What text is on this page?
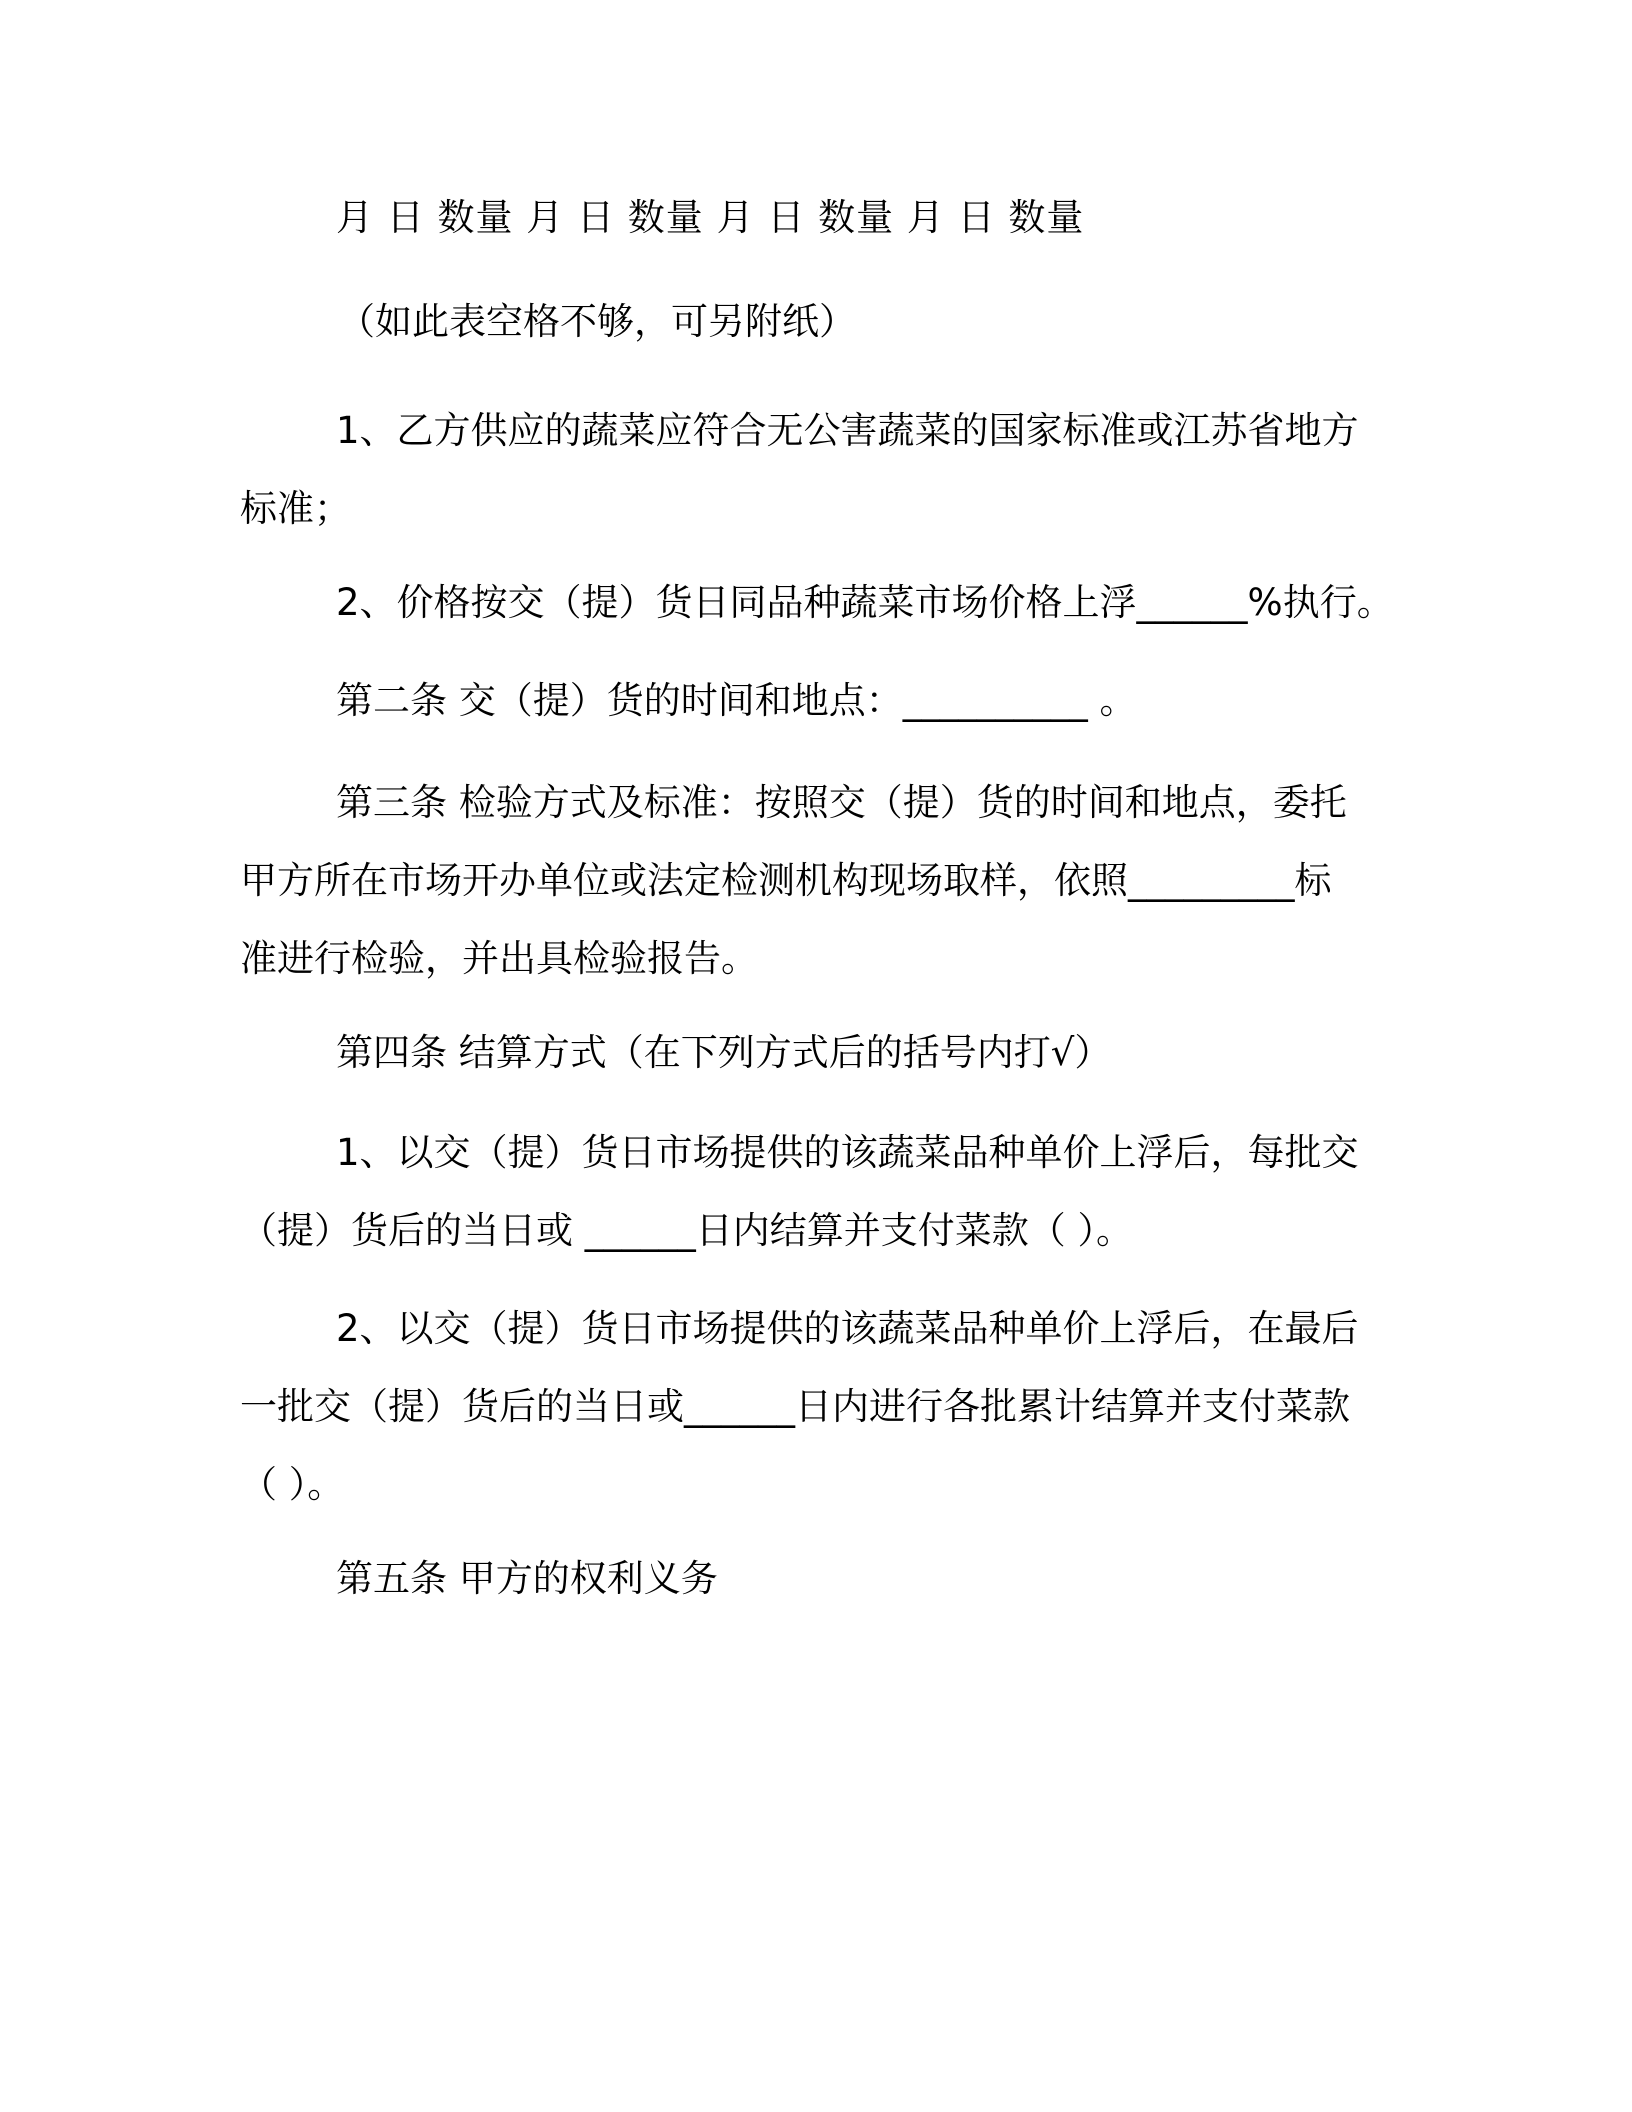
月 日 数量 月 日 数量 月 日 数量 月 日 数量
（如此表空格不够，可另附纸）
1、乙方供应的蔬菜应符合无公害蔬菜的国家标准或江苏省地方
标准；
2、价格按交（提）货日同品种蔬菜市场价格上浮______%执行。
第二条 交（提）货的时间和地点：__________ 。
第三条 检验方式及标准：按照交（提）货的时间和地点，委托
甲方所在市场开办单位或法定检测机构现场取样，依照_________标
准进行检验，并出具检验报告。
第四条 结算方式（在下列方式后的括号内打√）
1、以交（提）货日市场提供的该蔬菜品种单价上浮后，每批交
（提）货后的当日或 ______日内结算并支付菜款（ ）。
2、以交（提）货日市场提供的该蔬菜品种单价上浮后，在最后
一批交（提）货后的当日或______日内进行各批累计结算并支付菜款
（ ）。
第五条 甲方的权利义务
